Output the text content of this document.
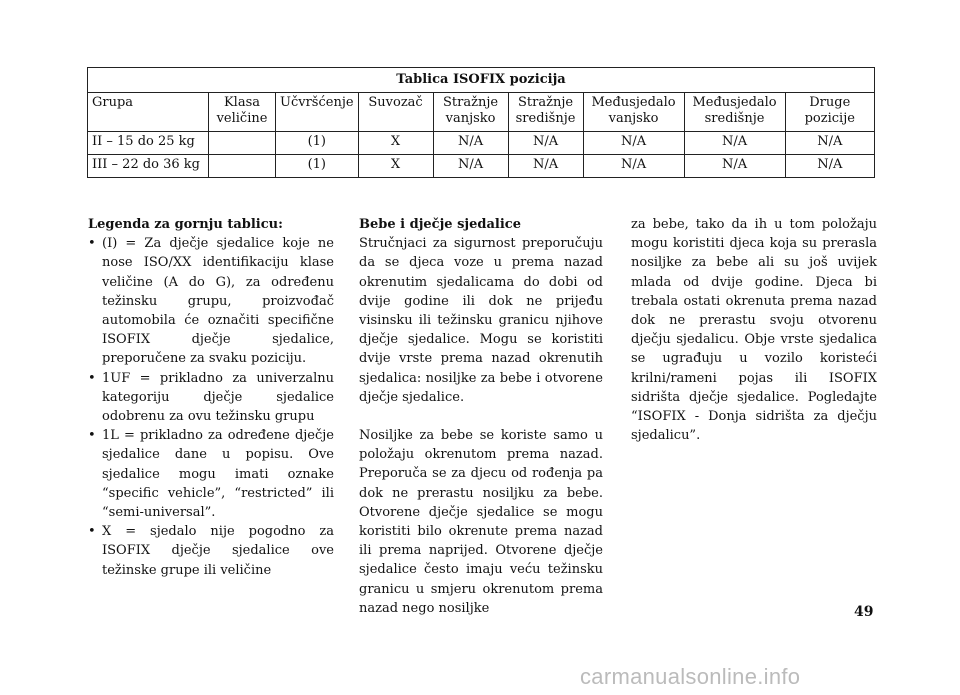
Tablica ISOFIX pozicija								
Grupa	Klasa veličine	Učvršćenje	Suvozač	Stražnje vanjsko	Stražnje središnje	Međusjedalo vanjsko	Međusjedalo središnje	Druge pozicije
II – 15 do 25 kg		(1)	X	N/A	N/A	N/A	N/A	N/A
III – 22 do 36 kg		(1)	X	N/A	N/A	N/A	N/A	N/A

Legenda za gornju tablicu:

• (I) = Za dječje sjedalice koje ne nose ISO/XX identifikaciju klase veličine (A do G), za određenu težinsku grupu, proizvođač automobila će označiti specifične ISOFIX dječje sjedalice, preporučene za svaku poziciju.
• 1UF = prikladno za univerzalnu kategoriju dječje sjedalice odobrenu za ovu težinsku grupu
• 1L = prikladno za određene dječje sjedalice dane u popisu. Ove sjedalice mogu imati oznake “specific vehicle”, “restricted” ili “semi-universal”.
• X = sjedalo nije pogodno za ISOFIX dječje sjedalice ove težinske grupe ili veličine
Bebe i dječje sjedalice

Stručnjaci za sigurnost preporučuju da se djeca voze u prema nazad okrenutim sjedalicama do dobi od dvije godine ili dok ne prijeđu visinsku ili težinsku granicu njihove dječje sjedalice. Mogu se koristiti dvije vrste prema nazad okrenutih sjedalica: nosiljke za bebe i otvorene dječje sjedalice.

Nosiljke za bebe se koriste samo u položaju okrenutom prema nazad. Preporuča se za djecu od rođenja pa dok ne prerastu nosiljku za bebe. Otvorene dječje sjedalice se mogu koristiti bilo okrenute prema nazad ili prema naprijed. Otvorene dječje sjedalice često imaju veću težinsku granicu u smjeru okrenutom prema nazad nego nosiljke

za bebe, tako da ih u tom položaju mogu koristiti djeca koja su prerasla nosiljke za bebe ali su još uvijek mlada od dvije godine. Djeca bi trebala ostati okrenuta prema nazad dok ne prerastu svoju otvorenu dječju sjedalicu. Obje vrste sjedalica se ugrađuju u vozilo koristeći krilni/rameni pojas ili ISOFIX sidrišta dječje sjedalice. Pogledajte “ISOFIX - Donja sidrišta za dječju sjedalicu”.

49
carmanualsonline.info
